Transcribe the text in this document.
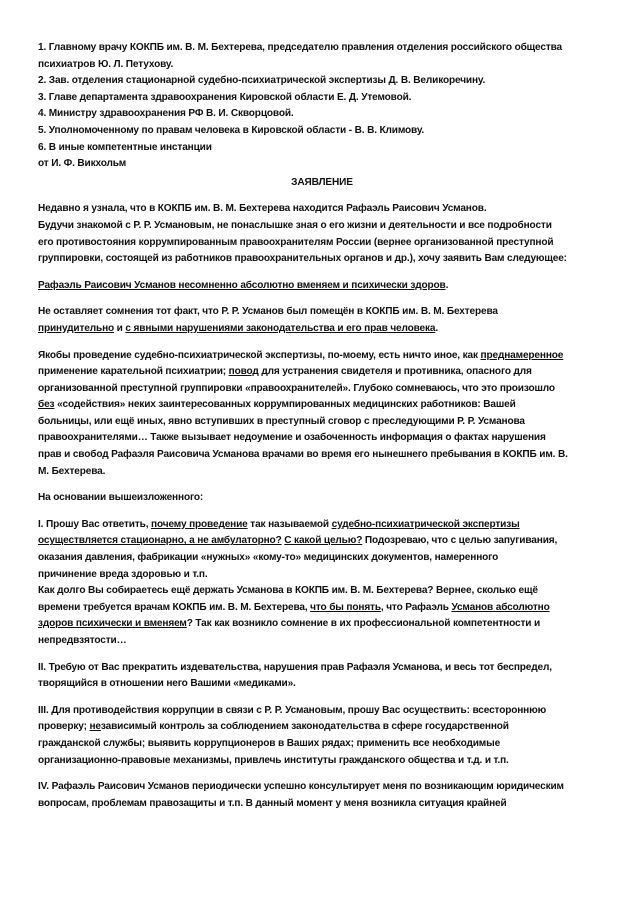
1. Главному врачу КОКПБ им. В. М. Бехтерева, председателю правления отделения российского общества
психиатров Ю. Л. Петухову.
2. Зав. отделения стационарной судебно-психиатрической экспертизы Д. В. Великоречину.
3. Главе департамента здравоохранения Кировской области Е. Д. Утемовой.
4. Министру здравоохранения РФ В. И. Скворцовой.
5. Уполномоченному по правам человека в Кировской области - В. В. Климову.
6. В иные компетентные инстанции
от И. Ф. Викхольм
ЗАЯВЛЕНИЕ
Недавно я узнала, что в КОКПБ им. В. М. Бехтерева находится Рафаэль Раисович Усманов.
Будучи знакомой с Р. Р. Усмановым, не понаслышке зная о его жизни и деятельности и все подробности
его противостояния коррумпированным правоохранителям России (вернее организованной преступной
группировки, состоящей из работников правоохранительных органов и др.), хочу заявить Вам следующее:
Рафаэль Раисович Усманов несомненно абсолютно вменяем и психически здоров.
Не оставляет сомнения тот факт, что Р. Р. Усманов был помещён в КОКПБ им. В. М. Бехтерева
принудительно и с явными нарушениями законодательства и его прав человека.
Якобы проведение судебно-психиатрической экспертизы, по-моему, есть ничто иное, как преднамеренное
применение карательной психиатрии; повод для устранения свидетеля и противника, опасного для
организованной преступной группировки «правоохранителей». Глубоко сомневаюсь, что это произошло
без «содействия» неких заинтересованных коррумпированных медицинских работников: Вашей
больницы, или ещё иных, явно вступивших в преступный сговор с преследующими Р. Р. Усманова
правоохранителями… Также вызывает недоумение и озабоченность информация о фактах нарушения
прав и свобод Рафаэля Раисовича Усманова врачами во время его нынешнего пребывания в КОКПБ им. В.
М. Бехтерева.
На основании вышеизложенного:
I. Прошу Вас ответить, почему проведение так называемой судебно-психиатрической экспертизы
осуществляется стационарно, а не амбулаторно? С какой целью? Подозреваю, что с целью запугивания,
оказания давления, фабрикации «нужных» «кому-то» медицинских документов, намеренного
причинение вреда здоровью и т.п.
Как долго Вы собираетесь ещё держать Усманова в КОКПБ им. В. М. Бехтерева? Вернее, сколько ещё
времени требуется врачам КОКПБ им. В. М. Бехтерева, что бы понять, что Рафаэль Усманов абсолютно
здоров психически и вменяем? Так как возникло сомнение в их профессиональной компетентности и
непредвзятости…
II. Требую от Вас прекратить издевательства, нарушения прав Рафаэля Усманова, и весь тот беспредел,
творящийся в отношении него Вашими «медиками».
III. Для противодействия коррупции в связи с Р. Р. Усмановым, прошу Вас осуществить: всестороннюю
проверку; независимый контроль за соблюдением законодательства в сфере государственной
гражданской службы; выявить коррупционеров в Ваших рядах; применить все необходимые
организационно-правовые механизмы, привлечь институты гражданского общества и т.д. и т.п.
IV. Рафаэль Раисович Усманов периодически успешно консультирует меня по возникающим юридическим
вопросам, проблемам правозащиты и т.п. В данный момент у меня возникла ситуация крайней
